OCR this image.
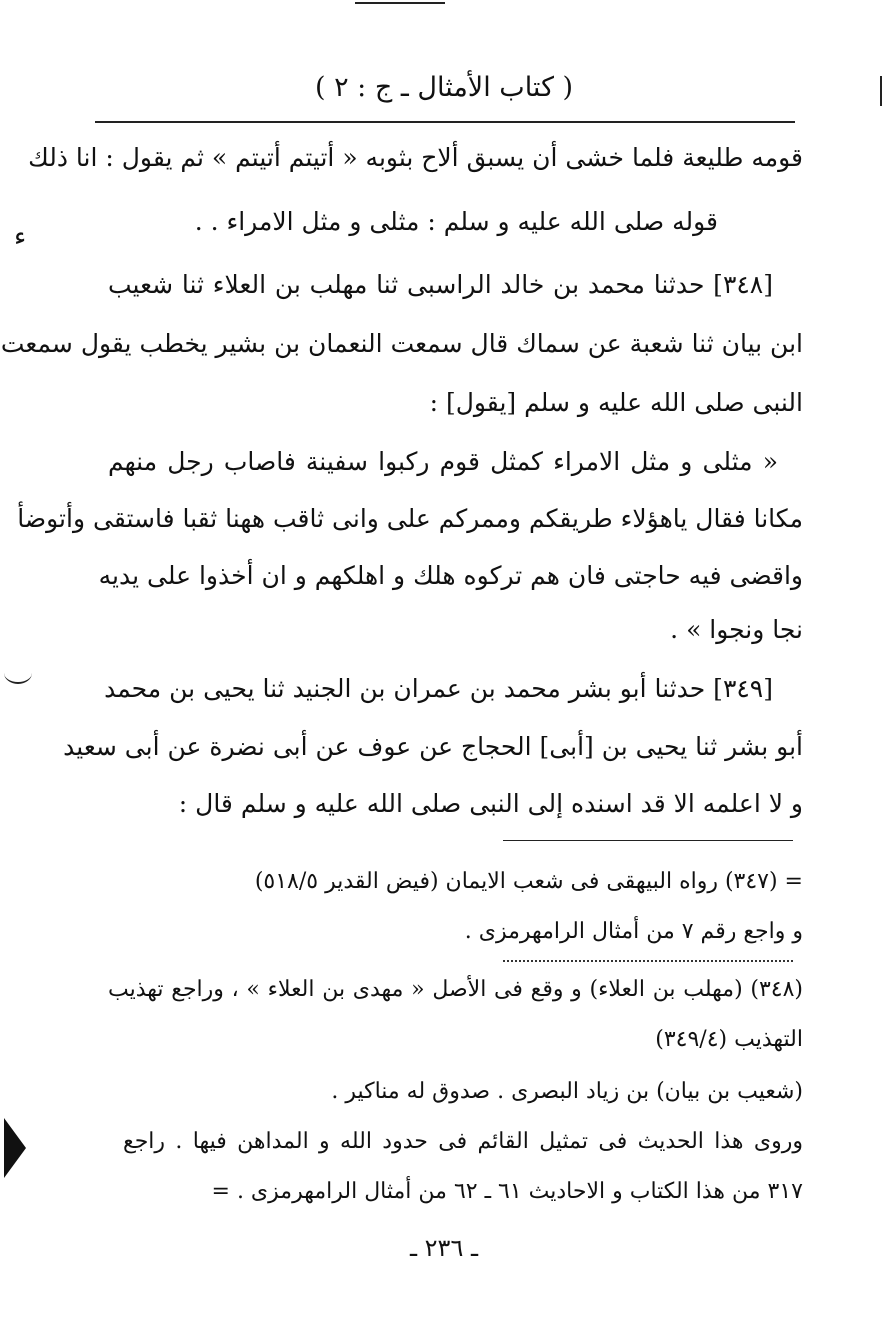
ﺀ
( كتاب الأمثال ـ ج : ٢ )
قومه طليعة فلما خشى أن يسبق ألاح بثوبه « أتيتم أتيتم » ثم يقول : انا ذلك
قوله صلى الله عليه و سلم : مثلى و مثل الامراء . .
[٣٤٨] حدثنا محمد بن خالد الراسبى ثنا مهلب بن العلاء ثنا شعيب
ابن بيان ثنا شعبة عن سماك قال سمعت النعمان بن بشير يخطب يقول سمعت
النبى صلى الله عليه و سلم [يقول] :
« مثلى و مثل الامراء كمثل قوم ركبوا سفينة فاصاب رجل منهم
مكانا فقال ياهؤلاء طريقكم وممركم على وانى ثاقب ههنا ثقبا فاستقى وأتوضأ
واقضى فيه حاجتى فان هم تركوه هلك و اهلكهم و ان أخذوا على يديه
نجا ونجوا » .
[٣٤٩] حدثنا أبو بشر محمد بن عمران بن الجنيد ثنا يحيى بن محمد
أبو بشر ثنا يحيى بن [أبى] الحجاج عن عوف عن أبى نضرة عن أبى سعيد
و لا اعلمه الا قد اسنده إلى النبى صلى الله عليه و سلم قال :
= (٣٤٧) رواه البيهقى فى شعب الايمان (فيض القدير ٥١٨/٥)
و واجع رقم ٧ من أمثال الرامهرمزى .
(٣٤٨) (مهلب بن العلاء) و وقع فى الأصل « مهدى بن العلاء » ، وراجع تهذيب
التهذيب (٣٤٩/٤)
(شعيب بن بيان) بن زياد البصرى . صدوق له مناكير .
وروى هذا الحديث فى تمثيل القائم فى حدود الله و المداهن فيها . راجع
٣١٧ من هذا الكتاب و الاحاديث ٦١ ـ ٦٢ من أمثال الرامهرمزى . =
ـ ٢٣٦ ـ
